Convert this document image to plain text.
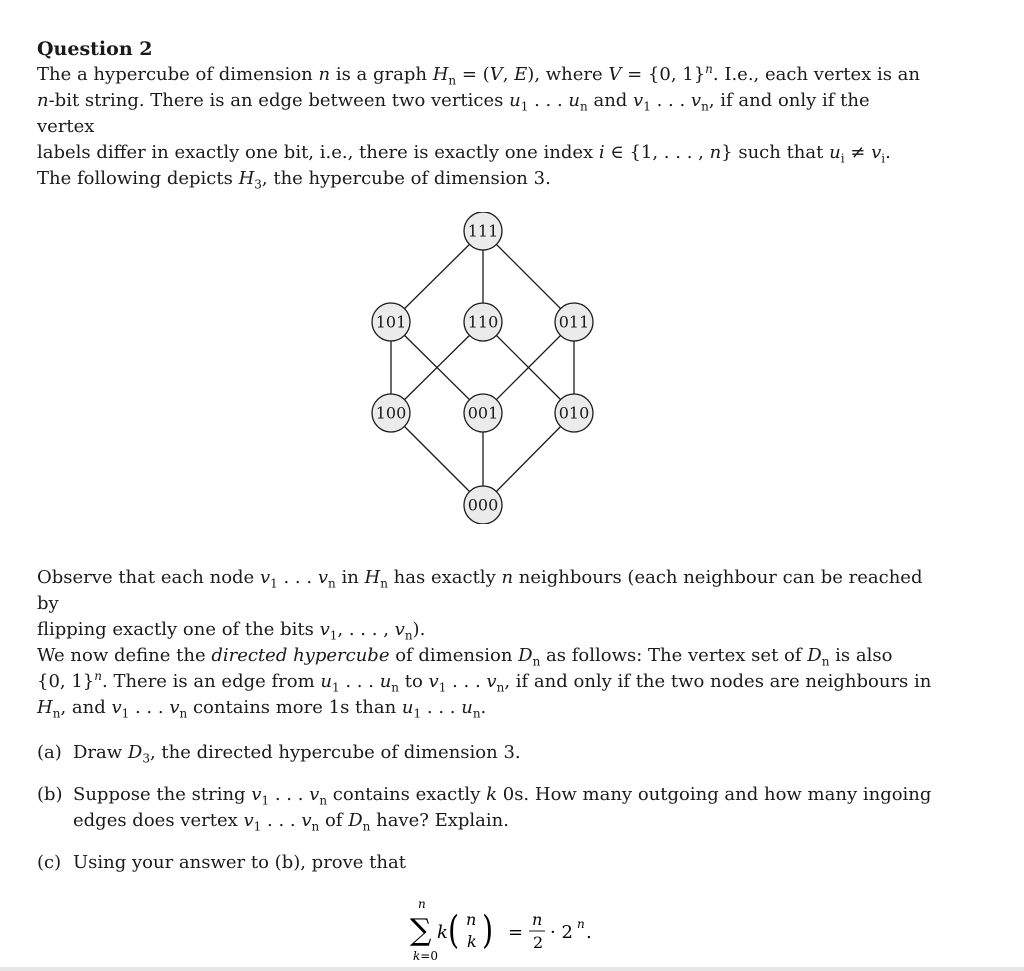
Question 2

The a hypercube of dimension n is a graph $H_n = (V$, E), where V = {0, 1}$^n$. I.e., each vertex is an
n-bit string. There is an edge between two vertices $u_1$ . . . $u_n$ and $v_1$ . . . $v_n$, if and only if the vertex
labels differ in exactly one bit, i.e., there is exactly one index i ∈ {1, . . . , n} such that $u_i \ne v_i$.

The following depicts $H_3$, the hypercube of dimension 3.

111
101	110	011
100	001	010
000

Observe that each node $v_1$ . . . $v_n$ in $H_n$ has exactly n neighbours (each neighbour can be reached by
flipping exactly one of the bits $v_1$, . . . , $v_n$).

We now define the directed hypercube of dimension $D_n$ as follows: The vertex set of $D_n$ is also
{0, 1}$^n$. There is an edge from $u_1$ . . . $u_n$ to $v_1$ . . . $v_n$, if and only if the two nodes are neighbours in
$H_n$, and $v_1$ . . . $v_n$ contains more 1s than $u_1$ . . . $u_n$.

(a) Draw $D_3$, the directed hypercube of dimension 3.
(b) Suppose the string $v_1$ . . . $v_n$ contains exactly k 0s. How many outgoing and how many ingoing
edges does vertex $v_1$ . . . $v_n$ of $D_n$ have? Explain.
(c) Using your answer to (b), prove that
n
∑
k=0
k ( n
k ) =
n
2 · 2 n .
